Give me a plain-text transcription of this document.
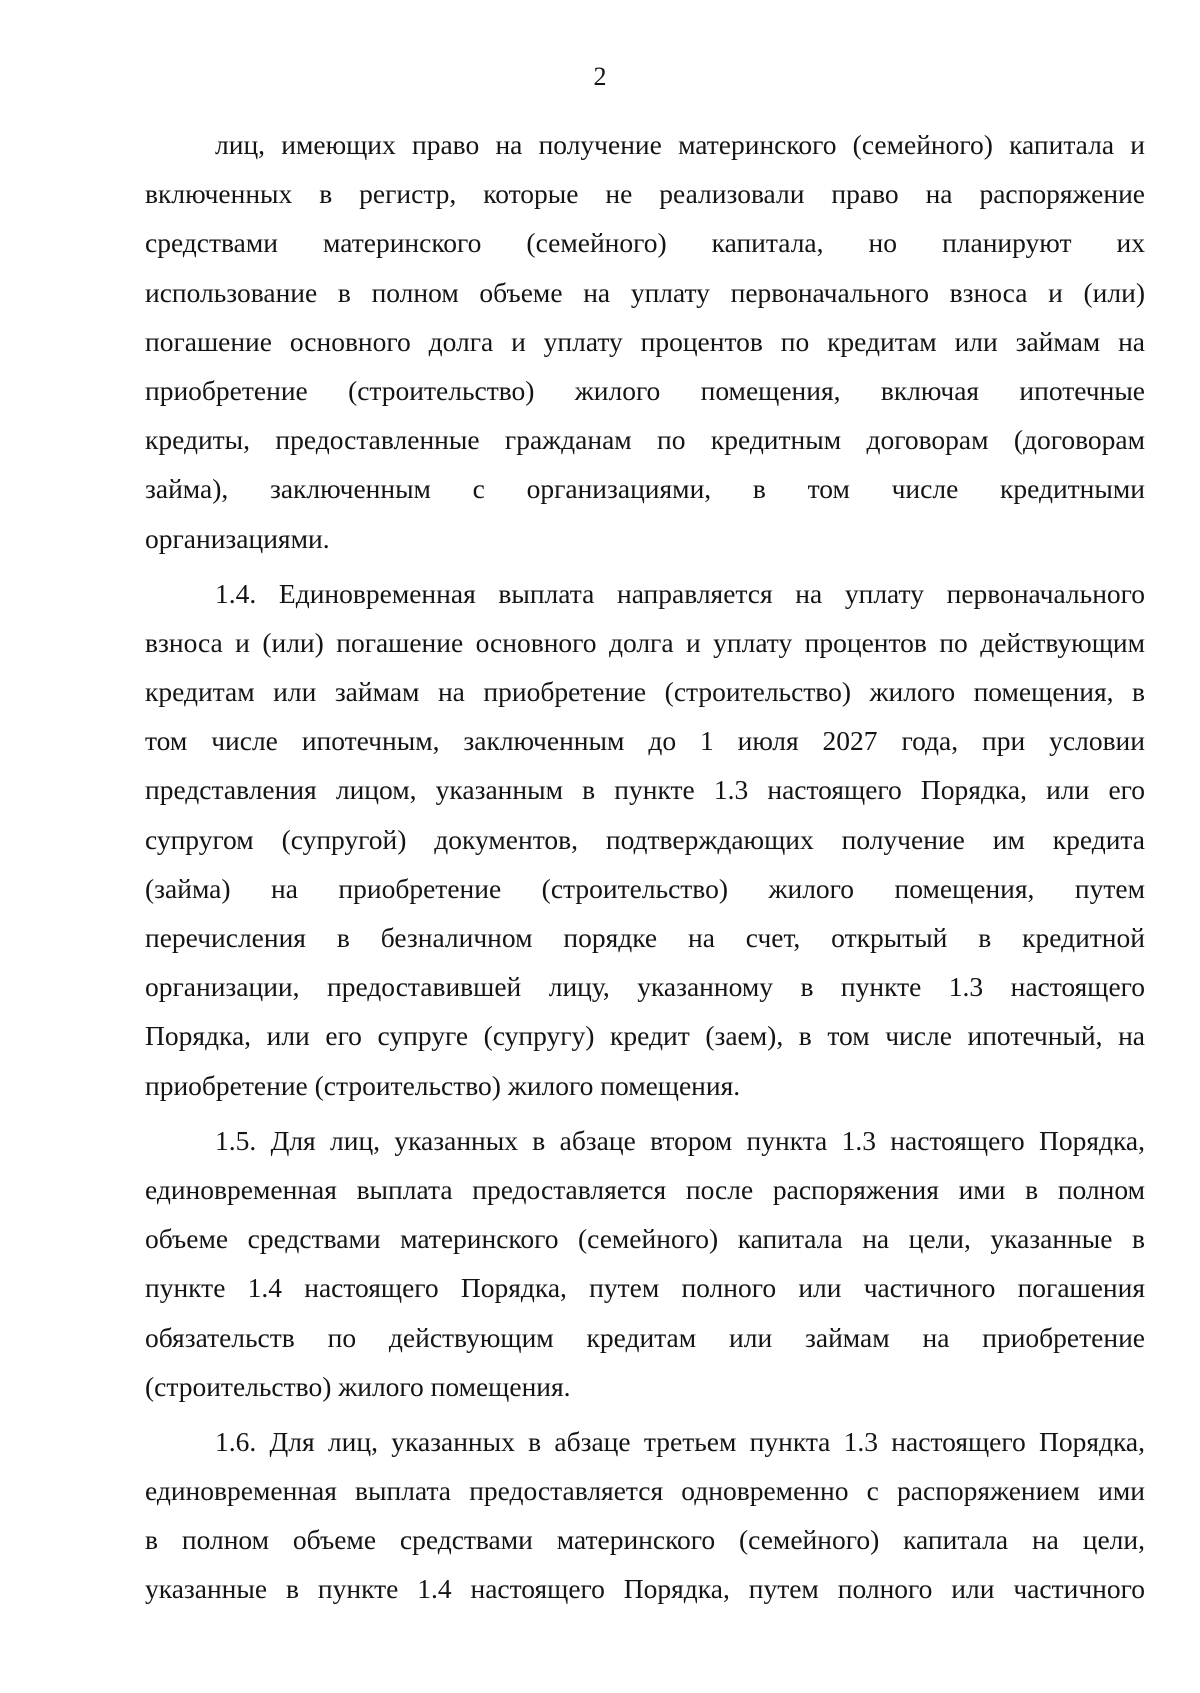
2
лиц, имеющих право на получение материнского (семейного) капитала и
включенных в регистр, которые не реализовали право на распоряжение
средствами материнского (семейного) капитала, но планируют их
использование в полном объеме на уплату первоначального взноса и (или)
погашение основного долга и уплату процентов по кредитам или займам на
приобретение (строительство) жилого помещения, включая ипотечные
кредиты, предоставленные гражданам по кредитным договорам (договорам
займа), заключенным с организациями, в том числе кредитными
организациями.
1.4. Единовременная выплата направляется на уплату первоначального
взноса и (или) погашение основного долга и уплату процентов по действующим
кредитам или займам на приобретение (строительство) жилого помещения, в
том числе ипотечным, заключенным до 1 июля 2027 года, при условии
представления лицом, указанным в пункте 1.3 настоящего Порядка, или его
супругом (супругой) документов, подтверждающих получение им кредита
(займа) на приобретение (строительство) жилого помещения, путем
перечисления в безналичном порядке на счет, открытый в кредитной
организации, предоставившей лицу, указанному в пункте 1.3 настоящего
Порядка, или его супруге (супругу) кредит (заем), в том числе ипотечный, на
приобретение (строительство) жилого помещения.
1.5. Для лиц, указанных в абзаце втором пункта 1.3 настоящего Порядка,
единовременная выплата предоставляется после распоряжения ими в полном
объеме средствами материнского (семейного) капитала на цели, указанные в
пункте 1.4 настоящего Порядка, путем полного или частичного погашения
обязательств по действующим кредитам или займам на приобретение
(строительство) жилого помещения.
1.6. Для лиц, указанных в абзаце третьем пункта 1.3 настоящего Порядка,
единовременная выплата предоставляется одновременно с распоряжением ими
в полном объеме средствами материнского (семейного) капитала на цели,
указанные в пункте 1.4 настоящего Порядка, путем полного или частичного
